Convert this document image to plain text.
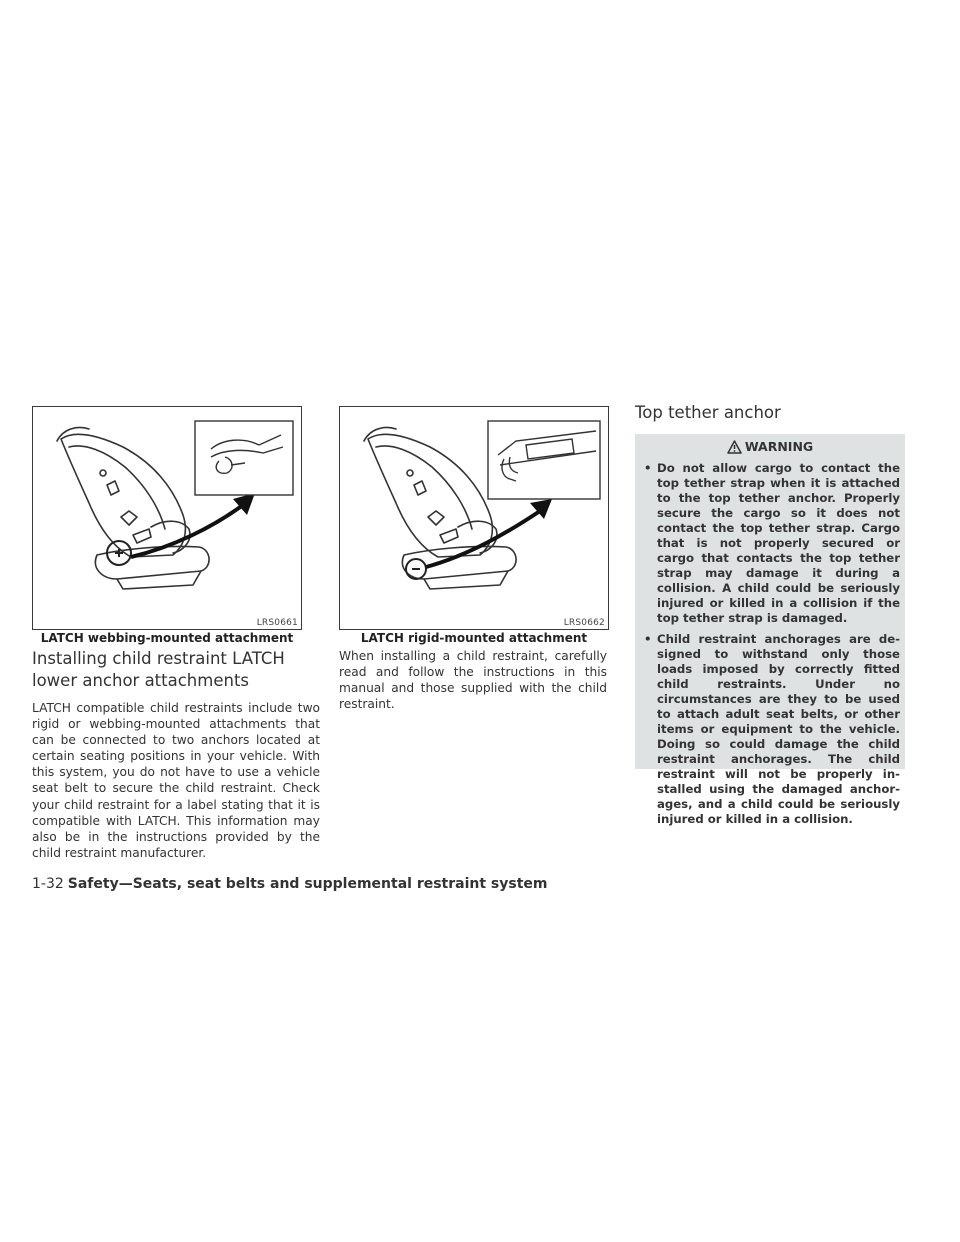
LRS0661
LATCH webbing-mounted attachment
LRS0662
LATCH rigid-mounted attachment
Installing child restraint LATCH
lower anchor attachments

LATCH compatible child restraints include two rigid or webbing-mounted attachments that can be connected to two anchors located at certain seating positions in your vehicle. With this system, you do not have to use a vehicle seat belt to secure the child restraint. Check your child restraint for a label stating that it is compatible with LATCH. This information may also be in the instructions provided by the child restraint manufacturer.

When installing a child restraint, carefully read and follow the instructions in this manual and those supplied with the child restraint.

Top tether anchor
WARNING
• Do not allow cargo to contact the top tether strap when it is attached to the top tether anchor. Properly secure the cargo so it does not contact the top tether strap. Cargo that is not properly secured or cargo that contacts the top tether strap may damage it during a collision. A child could be seriously injured or killed in a collision if the top tether strap is damaged.
• Child restraint anchorages are designed to withstand only those loads imposed by correctly fitted child restraints. Under no circumstances are they to be used to attach adult seat belts, or other items or equipment to the vehicle. Doing so could damage the child restraint anchorages. The child restraint will not be properly installed using the damaged anchorages, and a child could be seriously injured or killed in a collision.
1-32 Safety—Seats, seat belts and supplemental restraint system
